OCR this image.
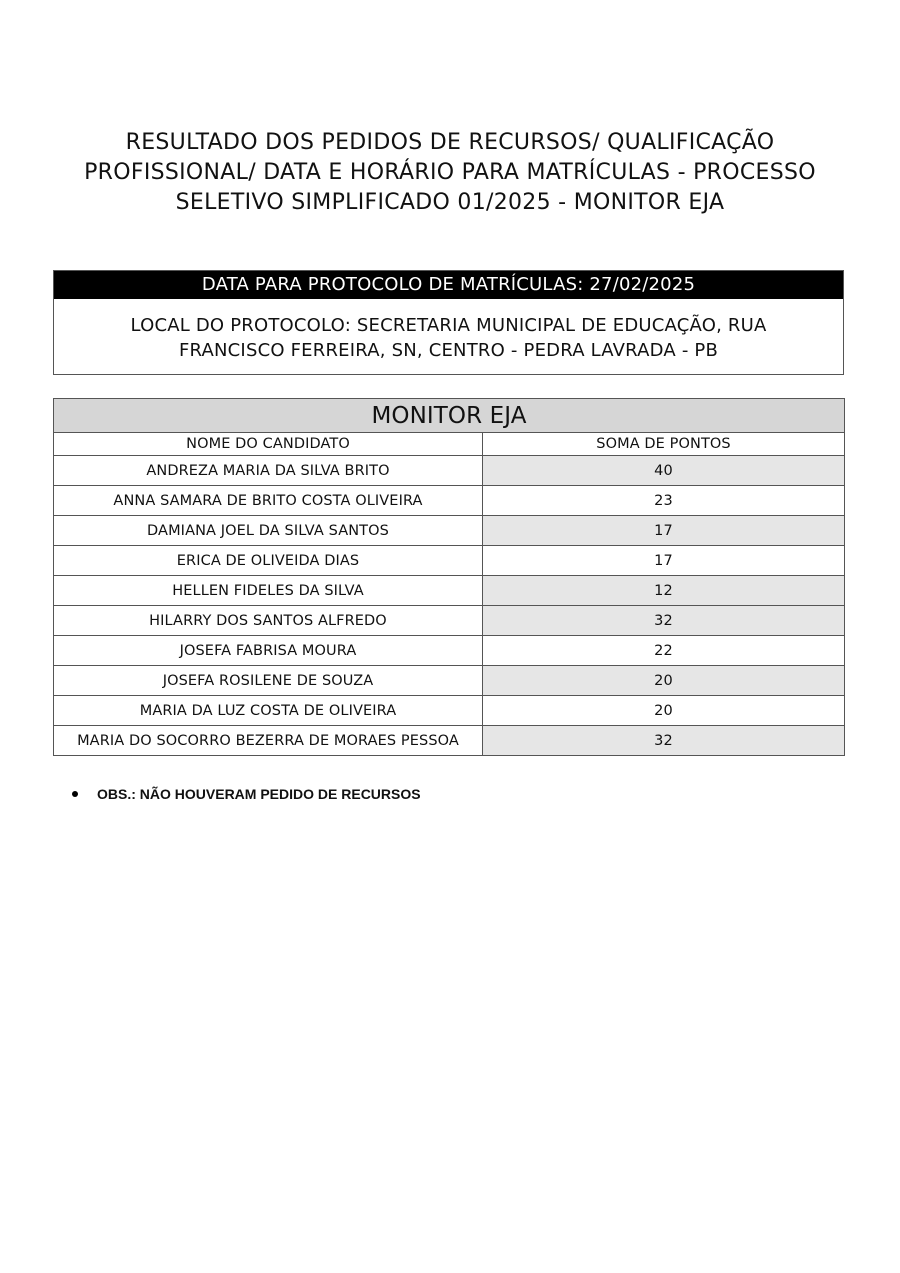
RESULTADO DOS PEDIDOS DE RECURSOS/ QUALIFICAÇÃO
PROFISSIONAL/ DATA E HORÁRIO PARA MATRÍCULAS - PROCESSO
SELETIVO SIMPLIFICADO 01/2025 - MONITOR EJA
DATA PARA PROTOCOLO DE MATRÍCULAS: 27/02/2025
LOCAL DO PROTOCOLO: SECRETARIA MUNICIPAL DE EDUCAÇÃO, RUA
FRANCISCO FERREIRA, SN, CENTRO - PEDRA LAVRADA - PB
MONITOR EJA	
NOME DO CANDIDATO	SOMA DE PONTOS
ANDREZA MARIA DA SILVA BRITO	40
ANNA SAMARA DE BRITO COSTA OLIVEIRA	23
DAMIANA JOEL DA SILVA SANTOS	17
ERICA DE OLIVEIDA DIAS	17
HELLEN FIDELES DA SILVA	12
HILARRY DOS SANTOS ALFREDO	32
JOSEFA FABRISA MOURA	22
JOSEFA ROSILENE DE SOUZA	20
MARIA DA LUZ COSTA DE OLIVEIRA	20
MARIA DO SOCORRO BEZERRA DE MORAES PESSOA	32
OBS.: NÃO HOUVERAM PEDIDO DE RECURSOS
